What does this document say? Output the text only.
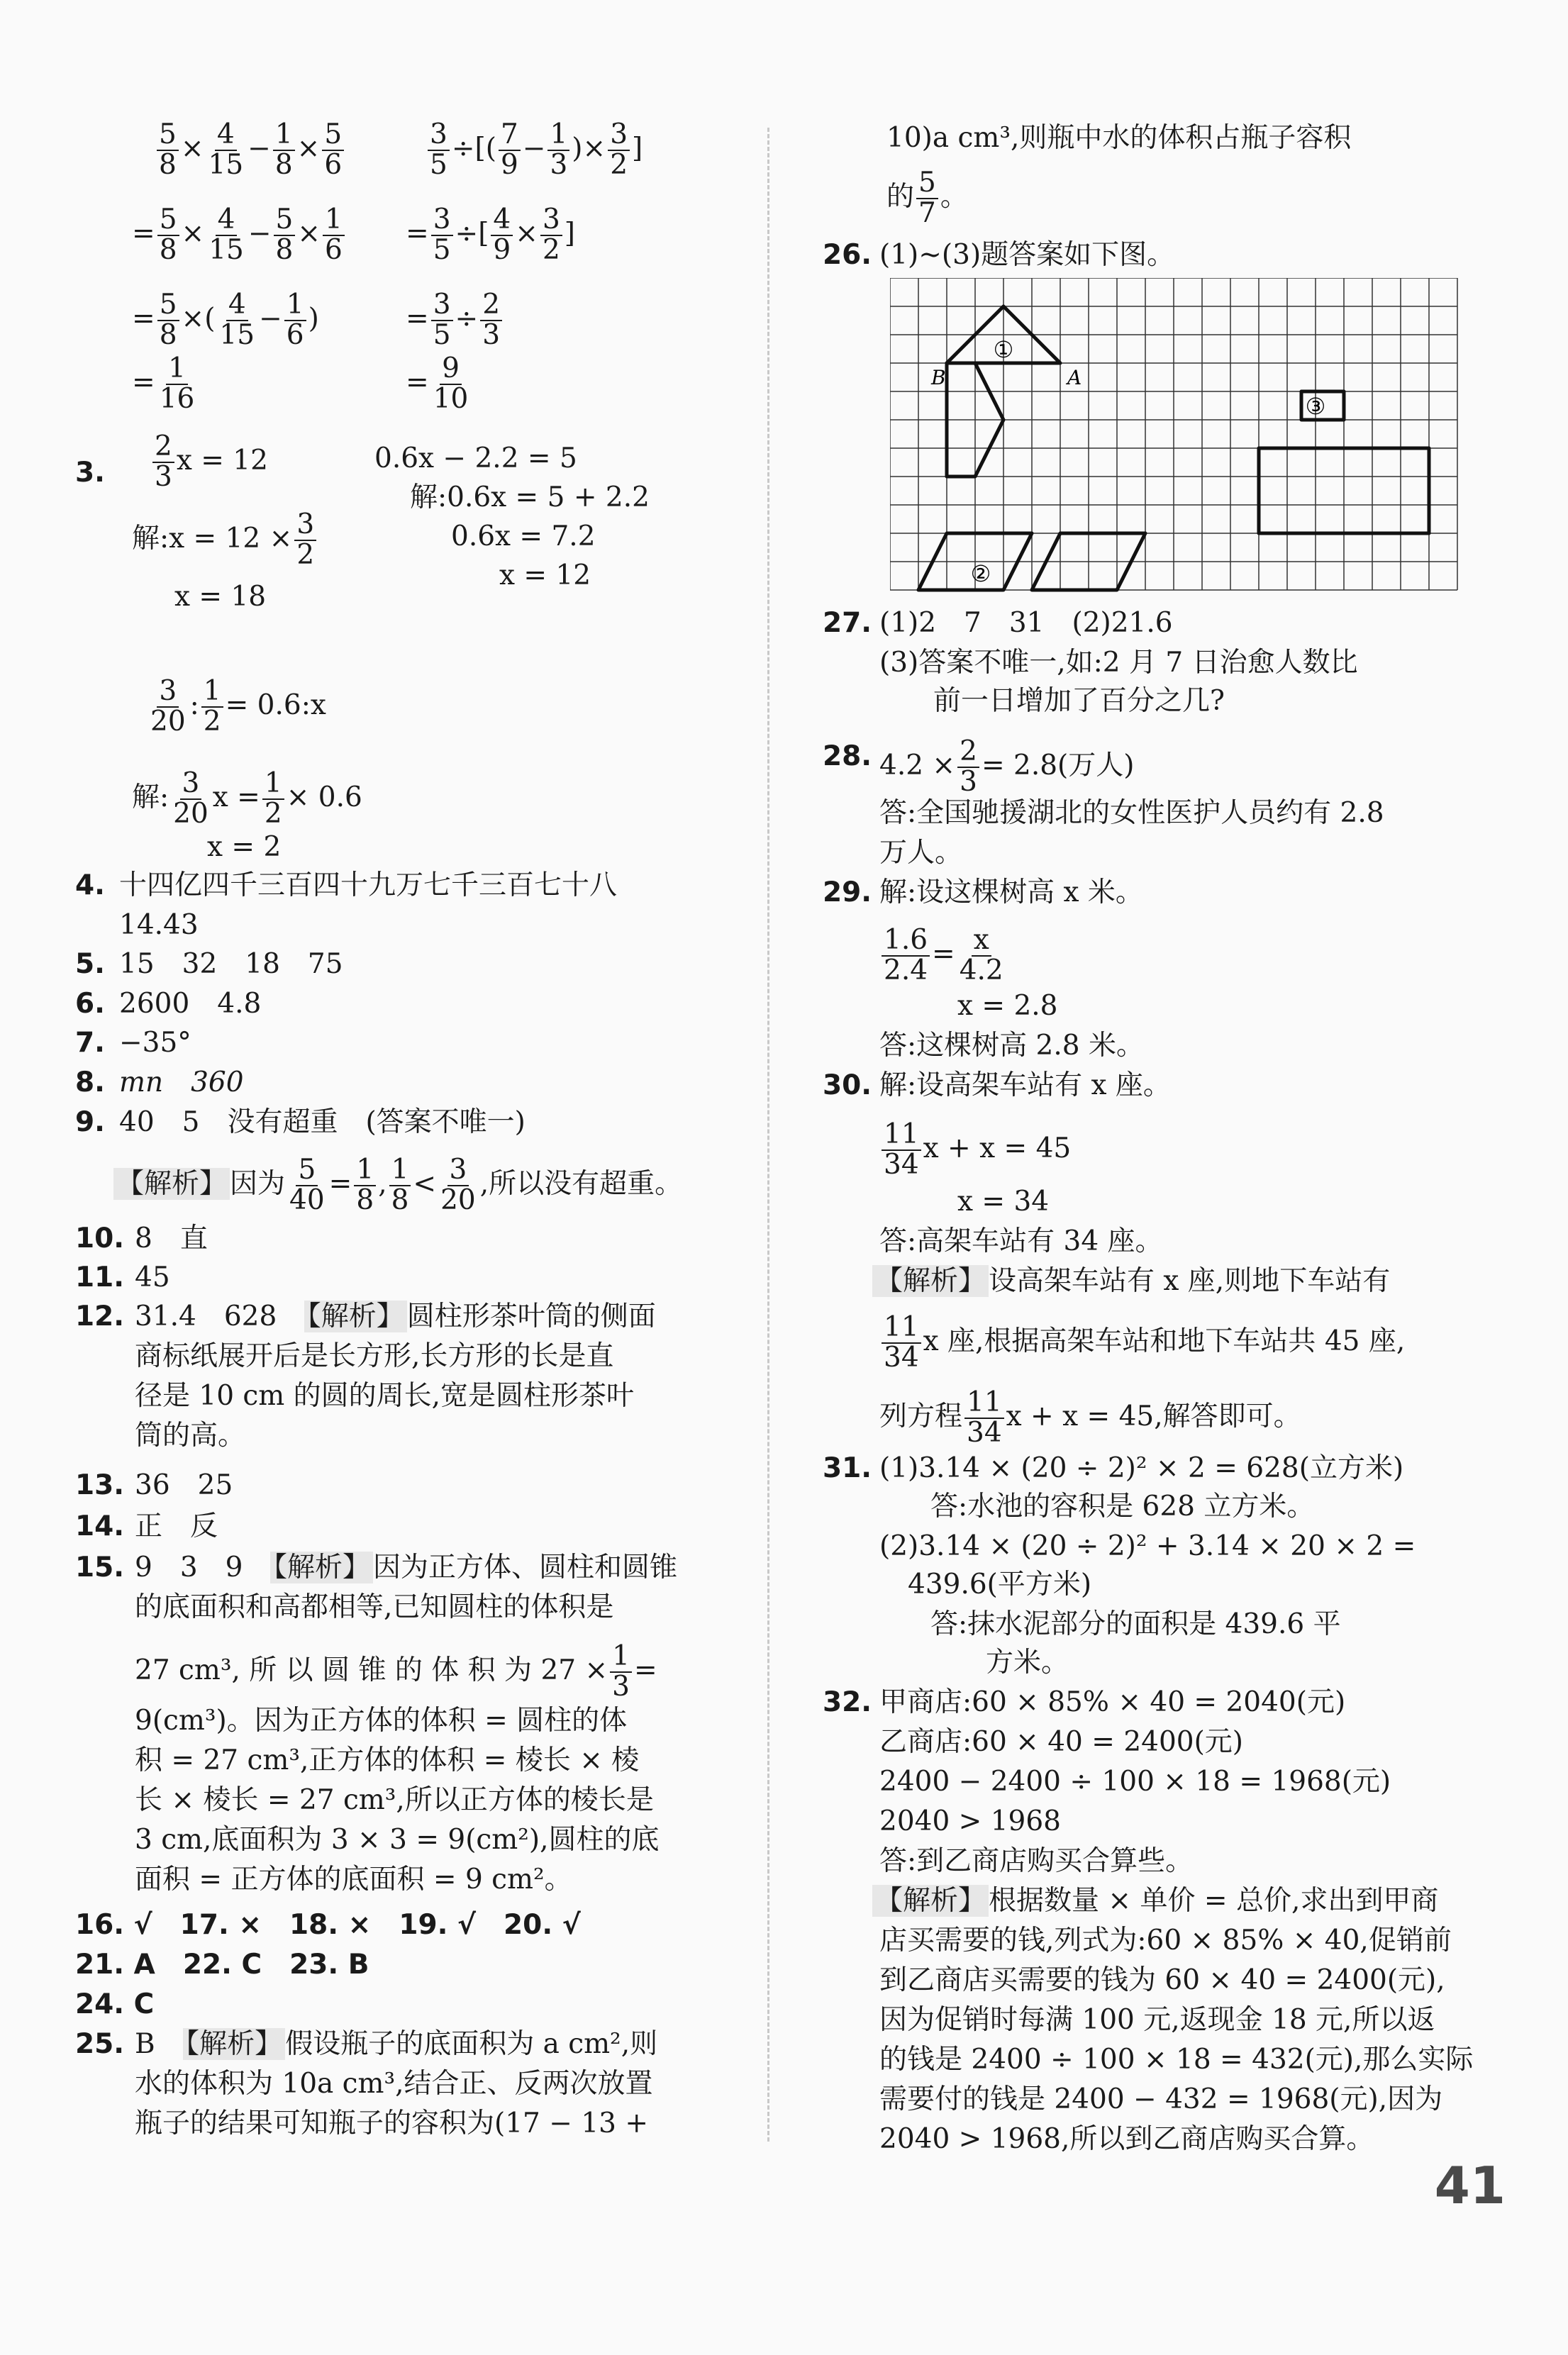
$\frac{5}{8} \times \frac{4}{15} - \frac{1}{8} \times \frac{5}{6}$
= $\frac{5}{8} \times \frac{4}{15} - \frac{5}{8} \times \frac{1}{6}$
= $\frac{5}{8}$ ×( $\frac{4}{15} - \frac{1}{6}$ )
= $\frac{1}{16}$
$\frac{3}{5}$ ÷[( $\frac{7}{9} - \frac{1}{3}$ )× $\frac{3}{2}$ ]
= $\frac{3}{5}$ ÷[ $\frac{4}{9} \times \frac{3}{2}$ ]
= $\frac{3}{5} \div \frac{2}{3}$
= $\frac{9}{10}$
3. $\frac{2}{3}$ x = 12
解:x = $12 \times \frac{3}{2}$
x = 18
0.6x − 2.2 = 5
解:0.6x = 5 + 2.2
0.6x = 7.2
x = 12
$\frac{3}{20}$ : $\frac{1}{2}$ = 0.6:x
解: $\frac{3}{20}$ $x = \frac{1}{2} \times 0.6$
x = 2
4. 十四亿四千三百四十九万七千三百七十八
14.43
5. 15　32　18　75
6. 2600　4.8
7. −35°
8. mn　360
9. 40　5　没有超重　(答案不唯一)
【解析】 因为 $\frac{5}{40} = \frac{1}{8}$ , $\frac{1}{8} < \frac{3}{20}$ ,所以没有超重。
10. 8　直
11. 45
12. 31.4　628　【解析】 圆柱形茶叶筒的侧面
商标纸展开后是长方形,长方形的长是直
径是 10 cm 的圆的周长,宽是圆柱形茶叶
筒的高。
13. 36　25
14. 正　反
15. 9　3　9　【解析】 因为正方体、圆柱和圆锥
的底面积和高都相等,已知圆柱的体积是
27 cm³, 所 以 圆 锥 的 体 积 为 $27 \times \frac{1}{3}$ =
9(cm³)。因为正方体的体积 = 圆柱的体
积 = 27 cm³,正方体的体积 = 棱长 × 棱
长 × 棱长 = 27 cm³,所以正方体的棱长是
3 cm,底面积为 3 × 3 = 9(cm²),圆柱的底
面积 = 正方体的底面积 = 9 cm²。
16. √　17. ×　18. ×　19. √　20. √
21. A　22. C　23. B
24. C
25. B　【解析】 假设瓶子的底面积为 a cm²,则
水的体积为 10a cm³,结合正、反两次放置
瓶子的结果可知瓶子的容积为(17 − 13 +
10)a cm³,则瓶中水的体积占瓶子容积
的 $\frac{5}{7}$ 。
26. (1)~(3)题答案如下图。
①
②
③
B	A
27. (1)2　7　31　(2)21.6
(3)答案不唯一,如:2 月 7 日治愈人数比
前一日增加了百分之几?
28. $4.2 \times \frac{2}{3} = 2.8$(万人)
答:全国驰援湖北的女性医护人员约有 2.8
万人。
29. 解:设这棵树高 x 米。
$\frac{1.6}{2.4} = \frac{x}{4.2}$
x = 2.8
答:这棵树高 2.8 米。
30. 解:设高架车站有 x 座。
$\frac{11}{34}$ x + x = 45
x = 34
答:高架车站有 34 座。
【解析】 设高架车站有 x 座,则地下车站有
$\frac{11}{34}$ x 座,根据高架车站和地下车站共 45 座,
列方程 $\frac{11}{34}$ x + x = 45,解答即可。
31. (1)3.14 × (20 ÷ 2)² × 2 = 628(立方米)
答:水池的容积是 628 立方米。
(2)3.14 × (20 ÷ 2)² + 3.14 × 20 × 2 =
439.6(平方米)
答:抹水泥部分的面积是 439.6 平
方米。
32. 甲商店:60 × 85% × 40 = 2040(元)
乙商店:60 × 40 = 2400(元)
2400 − 2400 ÷ 100 × 18 = 1968(元)
2040 > 1968
答:到乙商店购买合算些。
【解析】 根据数量 × 单价 = 总价,求出到甲商
店买需要的钱,列式为:60 × 85% × 40,促销前
到乙商店买需要的钱为 60 × 40 = 2400(元),
因为促销时每满 100 元,返现金 18 元,所以返
的钱是 2400 ÷ 100 × 18 = 432(元),那么实际
需要付的钱是 2400 − 432 = 1968(元),因为
2040 > 1968,所以到乙商店购买合算。
41
